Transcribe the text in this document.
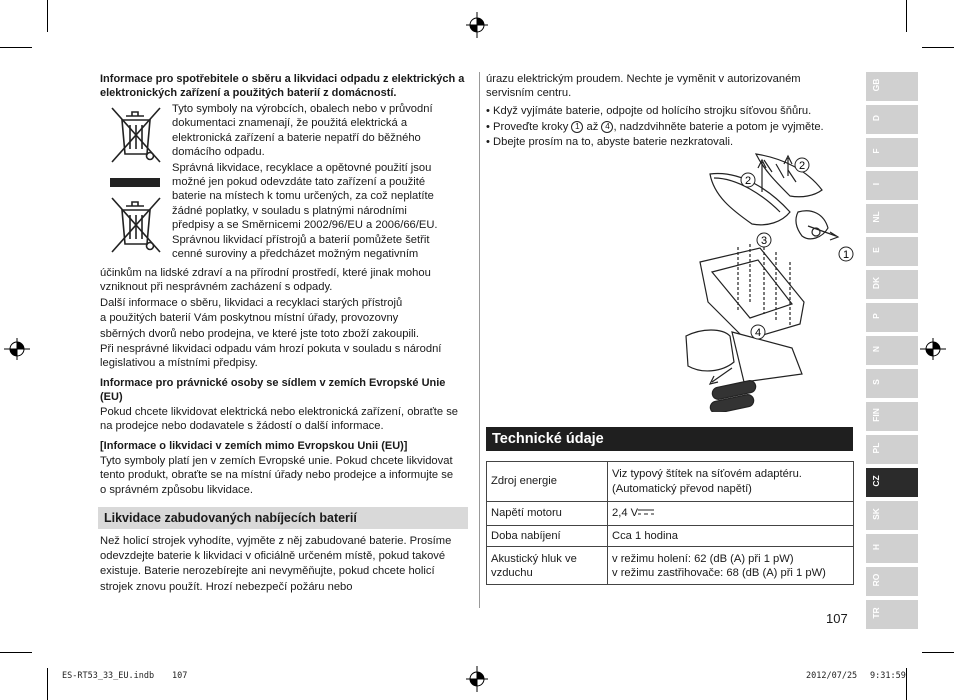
Informace pro spotřebitele o sběru a likvidaci odpadu z elektrických a elektronických zařízení a použitých baterií z domácností.

Tyto symboly na výrobcích, obalech nebo v průvodní

dokumentaci znamenají, že použitá elektrická a

elektronická zařízení a baterie nepatří do běžného

domácího odpadu.

Správná likvidace, recyklace a opětovné použití jsou

možné jen pokud odevzdáte tato zařízení a použité

baterie na místech k tomu určených, za což neplatíte

žádné poplatky, v souladu s platnými národními

předpisy a se Směrnicemi 2002/96/EU a 2006/66/EU.

Správnou likvidací přístrojů a baterií pomůžete šetřit

cenné suroviny a předcházet možným negativním

účinkům na lidské zdraví a na přírodní prostředí, které jinak mohou

vzniknout při nesprávném zacházení s odpady.

Další informace o sběru, likvidaci a recyklaci starých přístrojů

a použitých baterií Vám poskytnou místní úřady, provozovny

sběrných dvorů nebo prodejna, ve které jste toto zboží zakoupili.

Při nesprávné likvidaci odpadu vám hrozí pokuta v souladu s národní

legislativou a místními předpisy.

Informace pro právnické osoby se sídlem v zemích Evropské Unie (EU)
Pokud chcete likvidovat elektrická nebo elektronická zařízení, obraťte se na prodejce nebo dodavatele s žádostí o další informace.
[Informace o likvidaci v zemích mimo Evropskou Unii (EU)]
Tyto symboly platí jen v zemích Evropské unie. Pokud chcete likvidovat tento produkt, obraťte se na místní úřady nebo prodejce a informujte se o správném způsobu likvidace.
Likvidace zabudovaných nabíjecích baterií
Než holicí strojek vyhodíte, vyjměte z něj zabudované baterie. Prosíme odevzdejte baterie k likvidaci v oficiálně určeném místě, pokud takové existuje. Baterie nerozebírejte ani nevyměňujte, pokud chcete holicí strojek znovu použít. Hrozí nebezpečí požáru nebo
úrazu elektrickým proudem. Nechte je vyměnit v autorizovaném servisním centru.
• Když vyjímáte baterie, odpojte od holícího strojku síťovou šňůru.
• Proveďte kroky 1 až 4 , nadzdvihněte baterie a potom je vyjměte.
• Dbejte prosím na to, abyste baterie nezkratovali.
2
2
3
1
4
Technické údaje
Zdroj energie	Viz typový štítek na síťovém adaptéru.
(Automatický převod napětí)

Napětí motoru	2,4 V
Doba nabíjení	Cca 1 hodina
Akustický hluk ve vzduchu	v režimu holení: 62 (dB (A) při 1 pW)
v režimu zastřihovače: 68 (dB (A) při 1 pW)
107
GB
D
F
I
NL
E
DK
P
N
S
FIN
PL
CZ
SK
H
RO
TR
ES-RT53_33_EU.indb 107	2012/07/25 9:31:59
